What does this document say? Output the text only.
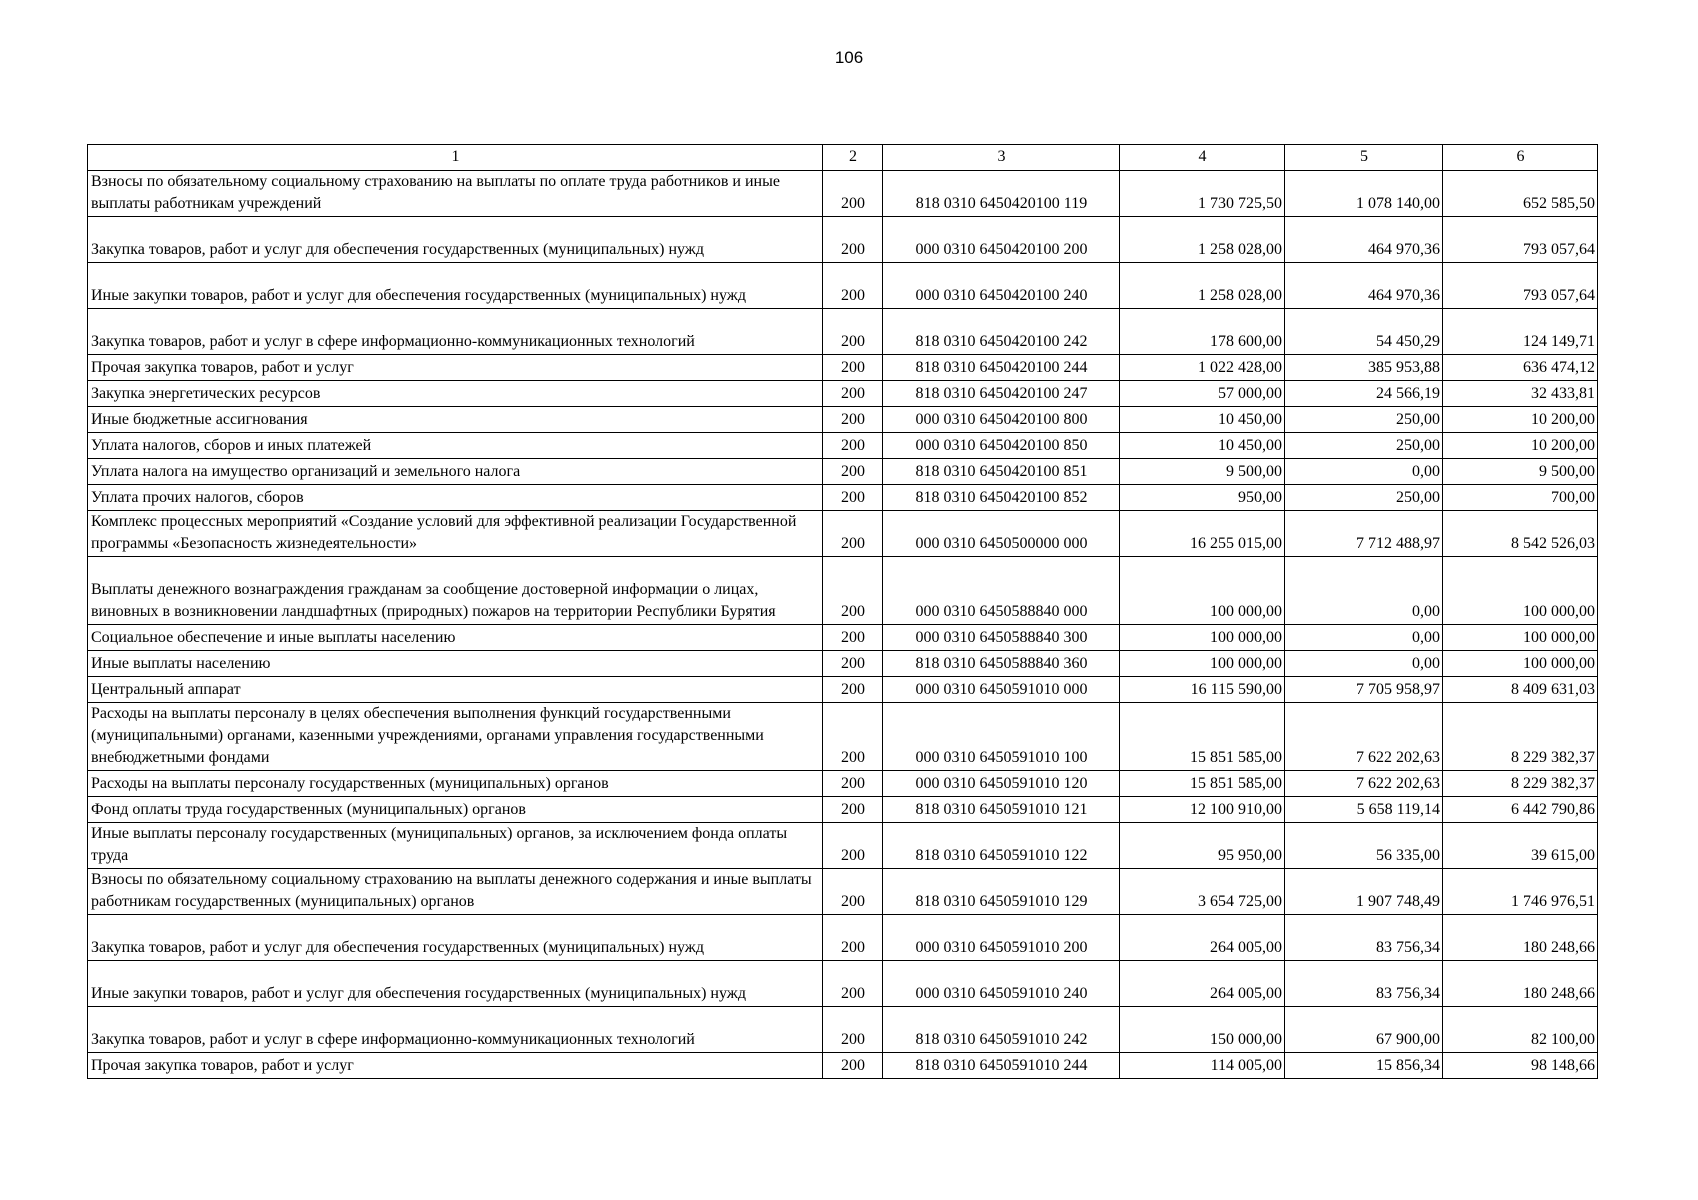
106
1	2	3	4	5	6
Взносы по обязательному социальному страхованию на выплаты по оплате труда работников и иные выплаты работникам учреждений	200	818 0310 6450420100 119	1 730 725,50	1 078 140,00	652 585,50
Закупка товаров, работ и услуг для обеспечения государственных (муниципальных) нужд	200	000 0310 6450420100 200	1 258 028,00	464 970,36	793 057,64
Иные закупки товаров, работ и услуг для обеспечения государственных (муниципальных) нужд	200	000 0310 6450420100 240	1 258 028,00	464 970,36	793 057,64
Закупка товаров, работ и услуг в сфере информационно-коммуникационных технологий	200	818 0310 6450420100 242	178 600,00	54 450,29	124 149,71
Прочая закупка товаров, работ и услуг	200	818 0310 6450420100 244	1 022 428,00	385 953,88	636 474,12
Закупка энергетических ресурсов	200	818 0310 6450420100 247	57 000,00	24 566,19	32 433,81
Иные бюджетные ассигнования	200	000 0310 6450420100 800	10 450,00	250,00	10 200,00
Уплата налогов, сборов и иных платежей	200	000 0310 6450420100 850	10 450,00	250,00	10 200,00
Уплата налога на имущество организаций и земельного налога	200	818 0310 6450420100 851	9 500,00	0,00	9 500,00
Уплата прочих налогов, сборов	200	818 0310 6450420100 852	950,00	250,00	700,00
Комплекс процессных мероприятий «Создание условий для эффективной реализации Государственной программы «Безопасность жизнедеятельности»	200	000 0310 6450500000 000	16 255 015,00	7 712 488,97	8 542 526,03
Выплаты денежного вознаграждения гражданам за сообщение достоверной информации о лицах, виновных в возникновении ландшафтных (природных) пожаров на территории Республики Бурятия	200	000 0310 6450588840 000	100 000,00	0,00	100 000,00
Социальное обеспечение и иные выплаты населению	200	000 0310 6450588840 300	100 000,00	0,00	100 000,00
Иные выплаты населению	200	818 0310 6450588840 360	100 000,00	0,00	100 000,00
Центральный аппарат	200	000 0310 6450591010 000	16 115 590,00	7 705 958,97	8 409 631,03
Расходы на выплаты персоналу в целях обеспечения выполнения функций государственными (муниципальными) органами, казенными учреждениями, органами управления государственными внебюджетными фондами	200	000 0310 6450591010 100	15 851 585,00	7 622 202,63	8 229 382,37
Расходы на выплаты персоналу государственных (муниципальных) органов	200	000 0310 6450591010 120	15 851 585,00	7 622 202,63	8 229 382,37
Фонд оплаты труда государственных (муниципальных) органов	200	818 0310 6450591010 121	12 100 910,00	5 658 119,14	6 442 790,86
Иные выплаты персоналу государственных (муниципальных) органов, за исключением фонда оплаты труда	200	818 0310 6450591010 122	95 950,00	56 335,00	39 615,00
Взносы по обязательному социальному страхованию на выплаты денежного содержания и иные выплаты работникам государственных (муниципальных) органов	200	818 0310 6450591010 129	3 654 725,00	1 907 748,49	1 746 976,51
Закупка товаров, работ и услуг для обеспечения государственных (муниципальных) нужд	200	000 0310 6450591010 200	264 005,00	83 756,34	180 248,66
Иные закупки товаров, работ и услуг для обеспечения государственных (муниципальных) нужд	200	000 0310 6450591010 240	264 005,00	83 756,34	180 248,66
Закупка товаров, работ и услуг в сфере информационно-коммуникационных технологий	200	818 0310 6450591010 242	150 000,00	67 900,00	82 100,00
Прочая закупка товаров, работ и услуг	200	818 0310 6450591010 244	114 005,00	15 856,34	98 148,66
